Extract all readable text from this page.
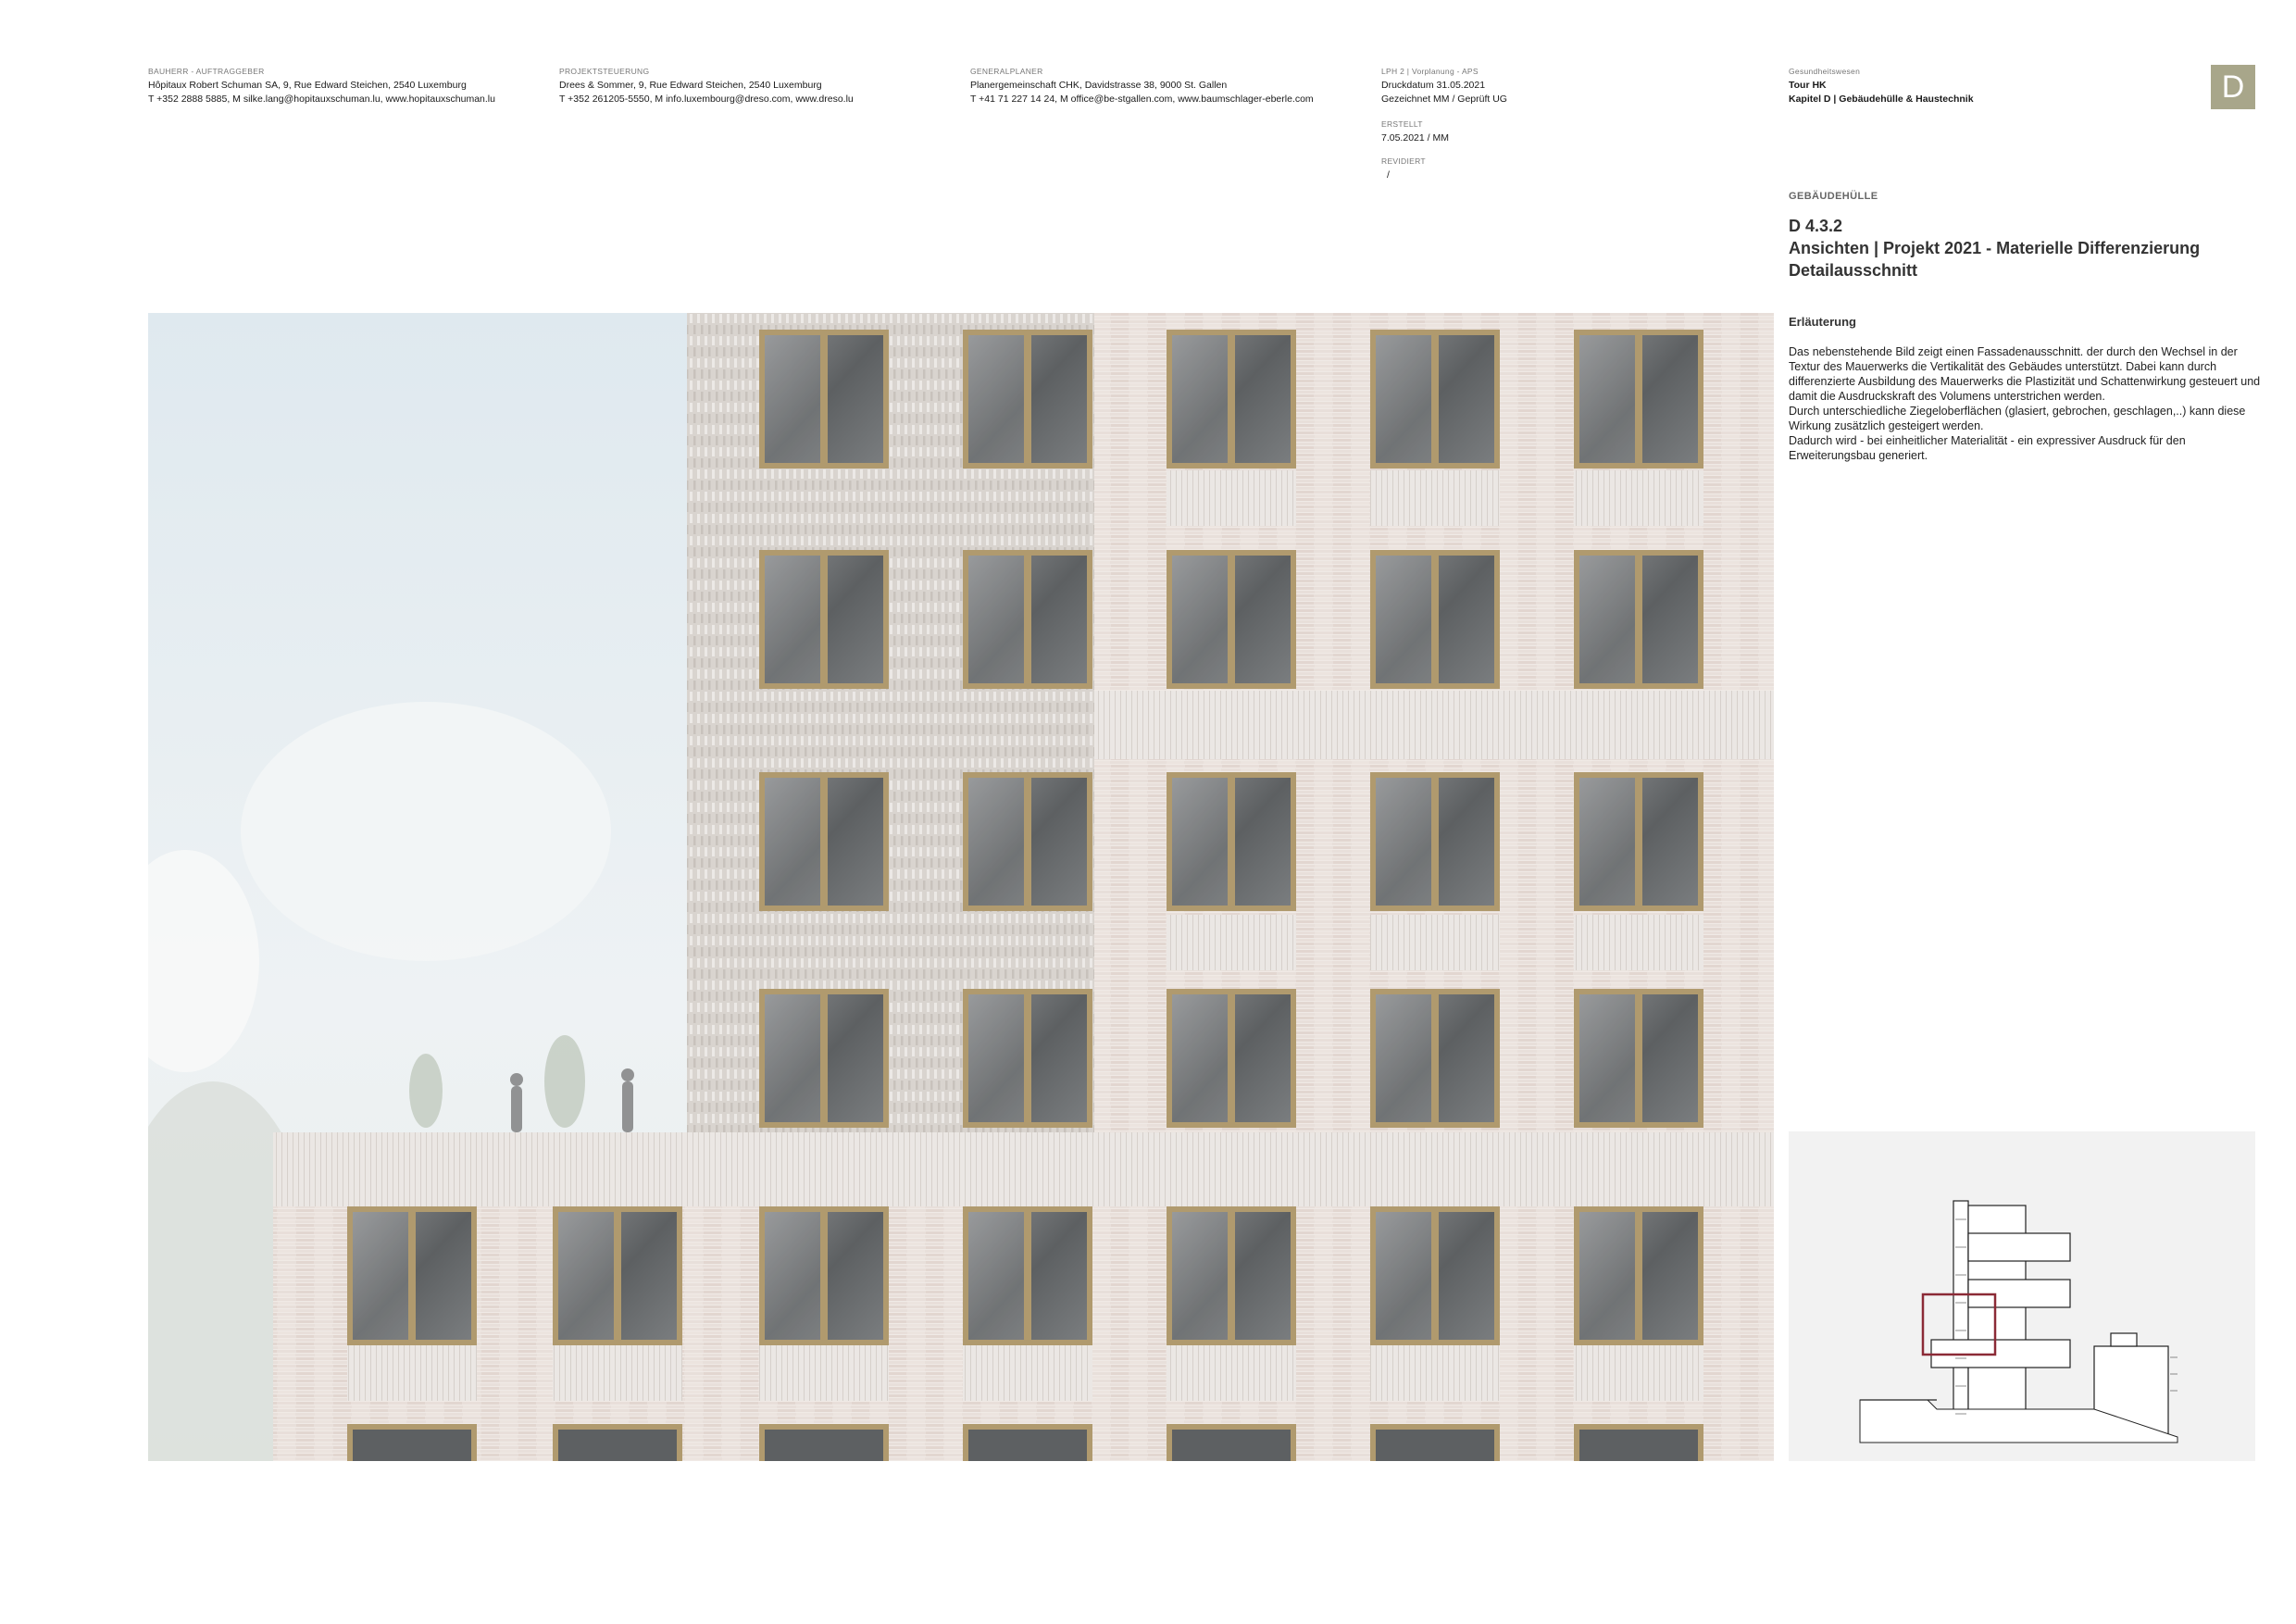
BAUHERR - AUFTRAGGEBER
Hôpitaux Robert Schuman SA, 9, Rue Edward Steichen, 2540 Luxemburg
T +352 2888 5885, M silke.lang@hopitauxschuman.lu, www.hopitauxschuman.lu
PROJEKTSTEUERUNG
Drees & Sommer, 9, Rue Edward Steichen, 2540 Luxemburg
T +352 261205-5550, M info.luxembourg@dreso.com, www.dreso.lu
GENERALPLANER
Planergemeinschaft CHK, Davidstrasse 38, 9000 St. Gallen
T +41 71 227 14 24, M office@be-stgallen.com, www.baumschlager-eberle.com
LPH 2 | Vorplanung - APS
Druckdatum 31.05.2021
Gezeichnet MM / Geprüft UG
ERSTELLT
7.05.2021 / MM
REVIDIERT
/
Gesundheitswesen
Tour HK
Kapitel D | Gebäudehülle & Haustechnik	D
GEBÄUDEHÜLLE
D 4.3.2
Ansichten | Projekt 2021 - Materielle Differenzierung
Detailausschnitt
Erläuterung

Das nebenstehende Bild zeigt einen Fassadenausschnitt. der durch den Wechsel in der Textur des Mauerwerks die Vertikalität des Gebäudes unterstützt. Dabei kann durch differenzierte Ausbildung des Mauerwerks die Plastizität und Schattenwirkung gesteuert und damit die Ausdruckskraft des Volumens unterstrichen werden.

Durch unterschiedliche Ziegeloberflächen (glasiert, gebrochen, geschlagen,..) kann diese Wirkung zusätzlich gesteigert werden.

Dadurch wird - bei einheitlicher Materialität - ein expressiver Ausdruck für den Erweiterungsbau generiert.
